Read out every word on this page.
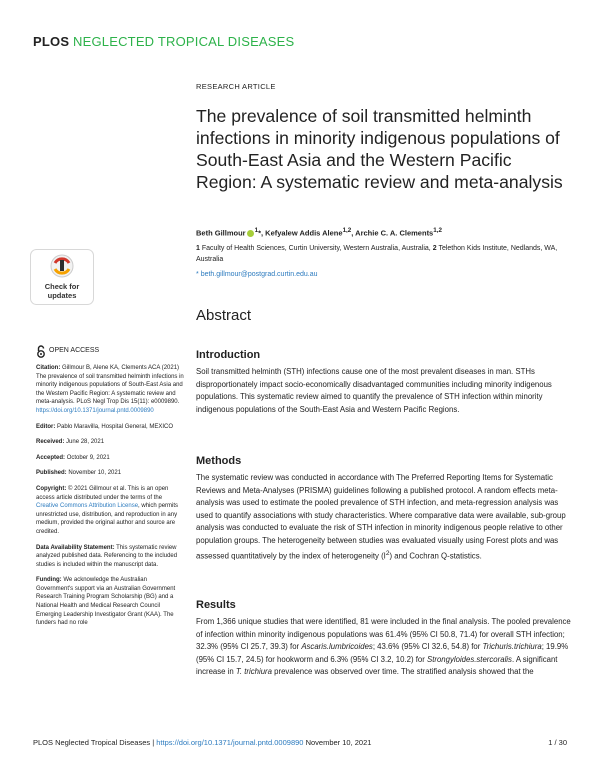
PLOS NEGLECTED TROPICAL DISEASES
RESEARCH ARTICLE
The prevalence of soil transmitted helminth infections in minority indigenous populations of South-East Asia and the Western Pacific Region: A systematic review and meta-analysis
Beth Gillmour $^1$*, Kefyalew Addis Alene$^{1,2}$, Archie C. A. Clements$^{1,2}$
1 Faculty of Health Sciences, Curtin University, Western Australia, Australia, 2 Telethon Kids Institute, Nedlands, WA, Australia
* beth.gillmour@postgrad.curtin.edu.au
Check for
updates
Abstract
OPEN ACCESS
Citation: Gillmour B, Alene KA, Clements ACA (2021) The prevalence of soil transmitted helminth infections in minority indigenous populations of South-East Asia and the Western Pacific Region: A systematic review and meta-analysis. PLoS Negl Trop Dis 15(11): e0009890. https://doi.org/10.1371/journal.pntd.0009890
Editor: Pablo Maravilla, Hospital General, MEXICO
Received: June 28, 2021
Accepted: October 9, 2021
Published: November 10, 2021
Copyright: © 2021 Gillmour et al. This is an open access article distributed under the terms of the Creative Commons Attribution License, which permits unrestricted use, distribution, and reproduction in any medium, provided the original author and source are credited.
Data Availability Statement: This systematic review analyzed published data. Referencing to the included studies is included within the manuscript data.
Funding: We acknowledge the Australian Government's support via an Australian Government Research Training Program Scholarship (BG) and a National Health and Medical Research Council Emerging Leadership Investigator Grant (KAA). The funders had no role
Introduction

Soil transmitted helminth (STH) infections cause one of the most prevalent diseases in man. STHs disproportionately impact socio-economically disadvantaged communities including minority indigenous populations. This systematic review aimed to quantify the prevalence of STH infection within minority indigenous populations of the South-East Asia and Western Pacific Regions.

Methods

The systematic review was conducted in accordance with The Preferred Reporting Items for Systematic Reviews and Meta-Analyses (PRISMA) guidelines following a published protocol. A random effects meta-analysis was used to estimate the pooled prevalence of STH infection, and meta-regression analysis was used to quantify associations with study characteristics. Where comparative data were available, sub-group analysis was conducted to evaluate the risk of STH infection in minority indigenous people relative to other population groups. The heterogeneity between studies was evaluated visually using Forest plots and was assessed quantitatively by the index of heterogeneity $(I^2)$ and Cochran Q-statistics.

Results

From 1,366 unique studies that were identified, 81 were included in the final analysis. The pooled prevalence of infection within minority indigenous populations was 61.4% (95% CI 50.8, 71.4) for overall STH infection; 32.3% (95% CI 25.7, 39.3) for Ascaris.lumbricoides; 43.6% (95% CI 32.6, 54.8) for Trichuris.trichiura; 19.9% (95% CI 15.7, 24.5) for hookworm and 6.3% (95% CI 3.2, 10.2) for Strongyloides.stercoralis. A significant increase in T. trichiura prevalence was observed over time. The stratified analysis showed that the

PLOS Neglected Tropical Diseases | https://doi.org/10.1371/journal.pntd.0009890 November 10, 2021	1 / 30
